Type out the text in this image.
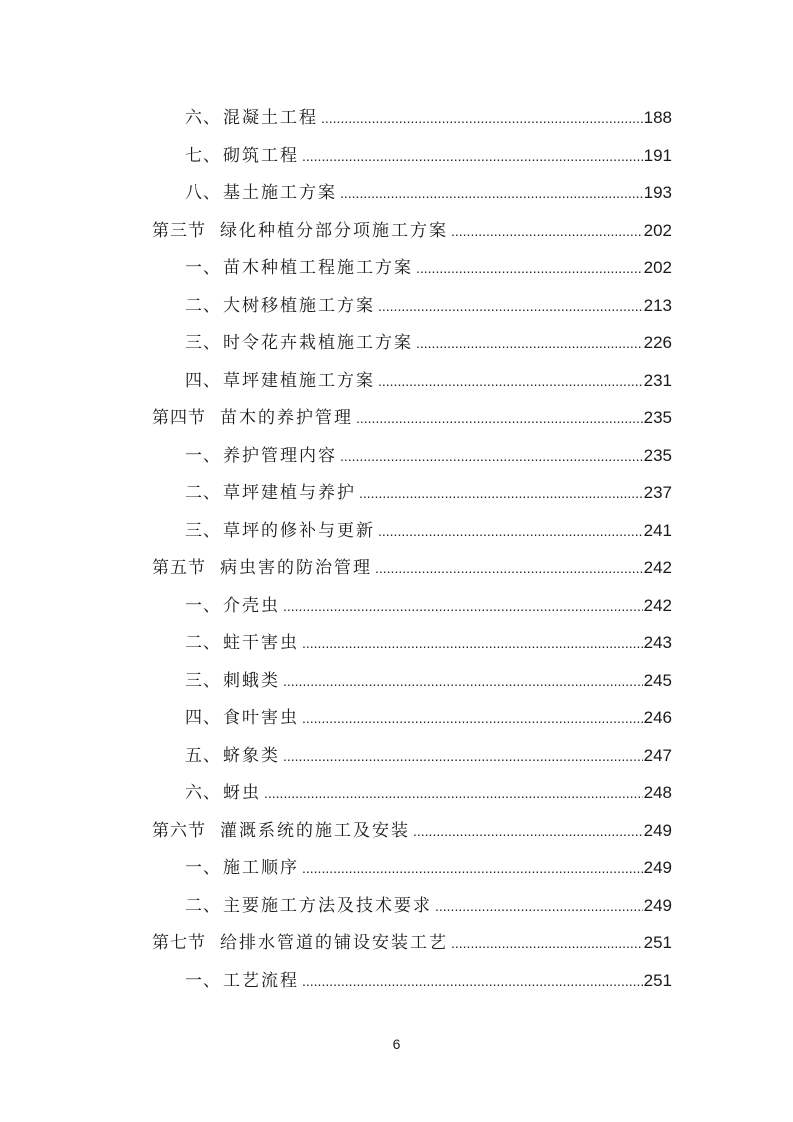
六、 混凝土工程 .....	188
七、 砌筑工程 .....	191
八、 基土施工方案 .....	193
第三节 绿化种植分部分项施工方案 .....	202
一、 苗木种植工程施工方案 .....	202
二、 大树移植施工方案 .....	213
三、 时令花卉栽植施工方案 .....	226
四、 草坪建植施工方案 .....	231
第四节 苗木的养护管理 .....	235
一、 养护管理内容 .....	235
二、 草坪建植与养护 .....	237
三、 草坪的修补与更新 .....	241
第五节 病虫害的防治管理 .....	242
一、 介壳虫 .....	242
二、 蛀干害虫 .....	243
三、 刺蛾类 .....	245
四、 食叶害虫 .....	246
五、 蛴象类 .....	247
六、 蚜虫 .....	248
第六节 灌溉系统的施工及安装 .....	249
一、 施工顺序 .....	249
二、 主要施工方法及技术要求 .....	249
第七节 给排水管道的铺设安装工艺 .....	251
一、 工艺流程 .....	251
6
